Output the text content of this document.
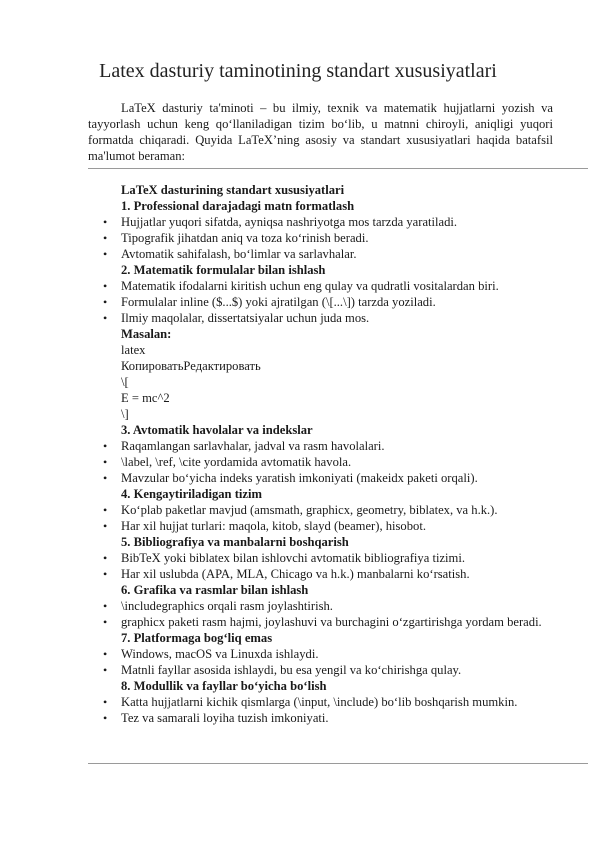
Latex dasturiy taminotining standart xususiyatlari

LaTeX dasturiy ta'minoti – bu ilmiy, texnik va matematik hujjatlarni yozish va tayyorlash uchun keng qo‘llaniladigan tizim bo‘lib, u matnni chiroyli, aniqligi yuqori formatda chiqaradi. Quyida LaTeX’ning asosiy va standart xususiyatlari haqida batafsil ma'lumot beraman:

LaTeX dasturining standart xususiyatlari
1. Professional darajadagi matn formatlash
• Hujjatlar yuqori sifatda, ayniqsa nashriyotga mos tarzda yaratiladi.
• Tipografik jihatdan aniq va toza ko‘rinish beradi.
• Avtomatik sahifalash, bo‘limlar va sarlavhalar.
2. Matematik formulalar bilan ishlash
• Matematik ifodalarni kiritish uchun eng qulay va qudratli vositalardan biri.
• Formulalar inline ($...$) yoki ajratilgan (\[...\]) tarzda yoziladi.
• Ilmiy maqolalar, dissertatsiyalar uchun juda mos.
Masalan:
latex
КопироватьРедактировать
\[
E = mc^2
\]
3. Avtomatik havolalar va indekslar
• Raqamlangan sarlavhalar, jadval va rasm havolalari.
• \label, \ref, \cite yordamida avtomatik havola.
• Mavzular bo‘yicha indeks yaratish imkoniyati (makeidx paketi orqali).
4. Kengaytiriladigan tizim
• Ko‘plab paketlar mavjud (amsmath, graphicx, geometry, biblatex, va h.k.).
• Har xil hujjat turlari: maqola, kitob, slayd (beamer), hisobot.
5. Bibliografiya va manbalarni boshqarish
• BibTeX yoki biblatex bilan ishlovchi avtomatik bibliografiya tizimi.
• Har xil uslubda (APA, MLA, Chicago va h.k.) manbalarni ko‘rsatish.
6. Grafika va rasmlar bilan ishlash
• \includegraphics orqali rasm joylashtirish.
• graphicx paketi rasm hajmi, joylashuvi va burchagini o‘zgartirishga yordam beradi.
7. Platformaga bog‘liq emas
• Windows, macOS va Linuxda ishlaydi.
• Matnli fayllar asosida ishlaydi, bu esa yengil va ko‘chirishga qulay.
8. Modullik va fayllar bo‘yicha bo‘lish
• Katta hujjatlarni kichik qismlarga (\input, \include) bo‘lib boshqarish mumkin.
• Tez va samarali loyiha tuzish imkoniyati.
